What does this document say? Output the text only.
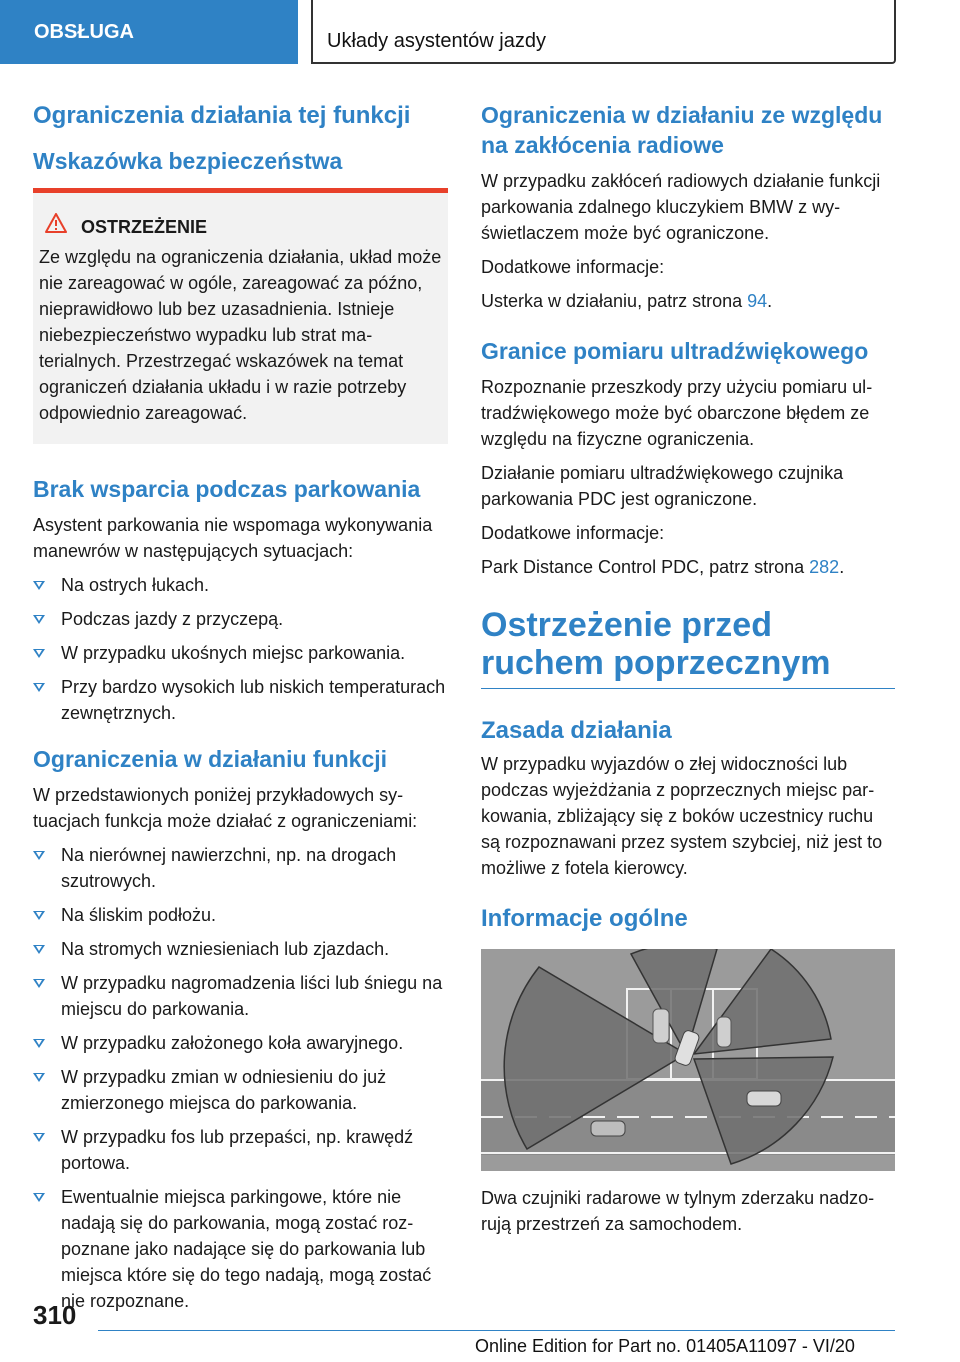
OBSŁUGA	Układy asystentów jazdy
Ograniczenia działania tej funkcji
Wskazówka bezpieczeństwa
OSTRZEŻENIE

Ze względu na ograniczenia działania, układ może nie zareagować w ogóle, zareagować za późno, nieprawidłowo lub bez uzasadnienia. Istnieje niebezpieczeństwo wypadku lub strat materialnych. Przestrzegać wskazówek na temat ograniczeń działania układu i w razie potrzeby odpowiednio zareagować.

Brak wsparcia podczas parkowania

Asystent parkowania nie wspomaga wykonywania manewrów w następujących sytuacjach:

Na ostrych łukach.
Podczas jazdy z przyczepą.
W przypadku ukośnych miejsc parkowania.
Przy bardzo wysokich lub niskich temperaturach zewnętrznych.
Ograniczenia w działaniu funkcji

W przedstawionych poniżej przykładowych sytuacjach funkcja może działać z ograniczeniami:

Na nierównej nawierzchni, np. na drogach szutrowych.
Na śliskim podłożu.
Na stromych wzniesieniach lub zjazdach.
W przypadku nagromadzenia liści lub śniegu na miejscu do parkowania.
W przypadku założonego koła awaryjnego.
W przypadku zmian w odniesieniu do już zmierzonego miejsca do parkowania.
W przypadku fos lub przepaści, np. krawędź portowa.
Ewentualnie miejsca parkingowe, które nie nadają się do parkowania, mogą zostać rozpoznane jako nadające się do parkowania lub miejsca które się do tego nadają, mogą zostać nie rozpoznane.
Ograniczenia w działaniu ze względu na zakłócenia radiowe

W przypadku zakłóceń radiowych działanie funkcji parkowania zdalnego kluczykiem BMW z wyświetlaczem może być ograniczone.

Dodatkowe informacje:

Usterka w działaniu, patrz strona 94.

Granice pomiaru ultradźwiękowego

Rozpoznanie przeszkody przy użyciu pomiaru ultradźwiękowego może być obarczone błędem ze względu na fizyczne ograniczenia.

Działanie pomiaru ultradźwiękowego czujnika parkowania PDC jest ograniczone.

Dodatkowe informacje:

Park Distance Control PDC, patrz strona 282.

Ostrzeżenie przed ruchem poprzecznym
Zasada działania

W przypadku wyjazdów o złej widoczności lub podczas wyjeżdżania z poprzecznych miejsc parkowania, zbliżający się z boków uczestnicy ruchu są rozpoznawani przez system szybciej, niż jest to możliwe z fotela kierowcy.

Informacje ogólne

Dwa czujniki radarowe w tylnym zderzaku nadzorują przestrzeń za samochodem.

310
Online Edition for Part no. 01405A11097 - VI/20
